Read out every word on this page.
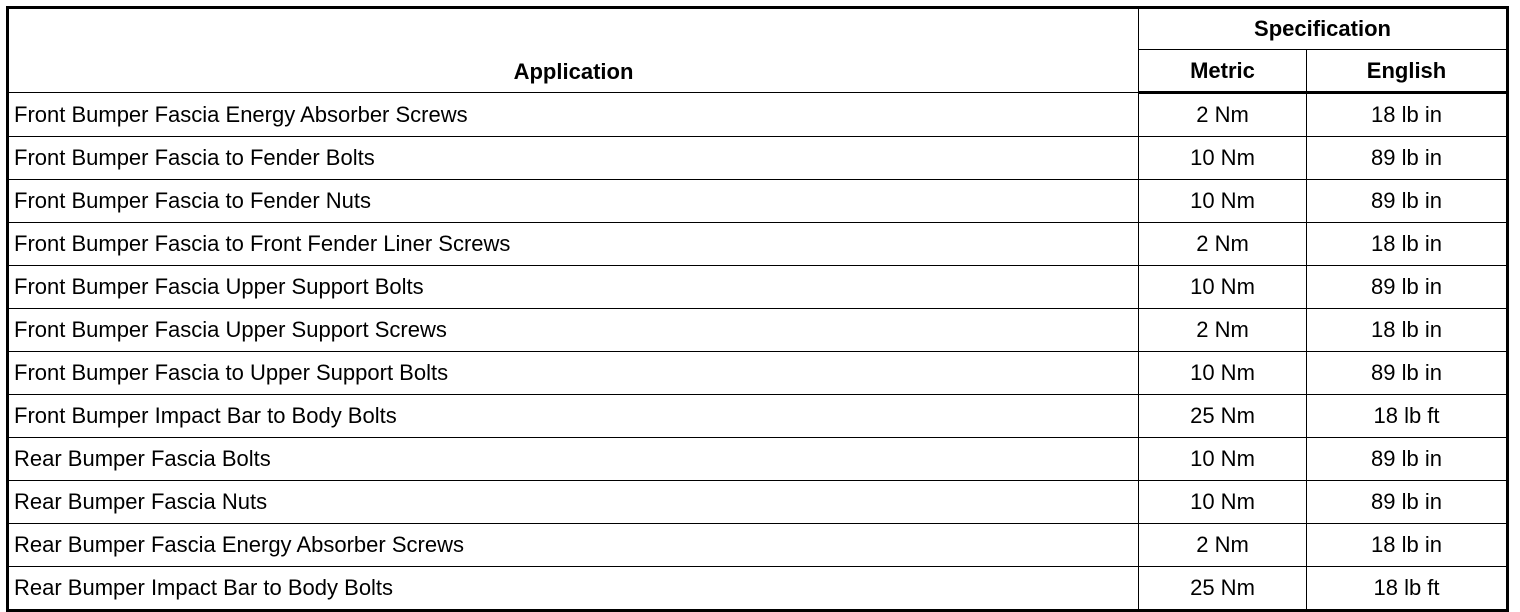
Application	Specification	
	Metric	English
Front Bumper Fascia Energy Absorber Screws	2 Nm	18 lb in
Front Bumper Fascia to Fender Bolts	10 Nm	89 lb in
Front Bumper Fascia to Fender Nuts	10 Nm	89 lb in
Front Bumper Fascia to Front Fender Liner Screws	2 Nm	18 lb in
Front Bumper Fascia Upper Support Bolts	10 Nm	89 lb in
Front Bumper Fascia Upper Support Screws	2 Nm	18 lb in
Front Bumper Fascia to Upper Support Bolts	10 Nm	89 lb in
Front Bumper Impact Bar to Body Bolts	25 Nm	18 lb ft
Rear Bumper Fascia Bolts	10 Nm	89 lb in
Rear Bumper Fascia Nuts	10 Nm	89 lb in
Rear Bumper Fascia Energy Absorber Screws	2 Nm	18 lb in
Rear Bumper Impact Bar to Body Bolts	25 Nm	18 lb ft
